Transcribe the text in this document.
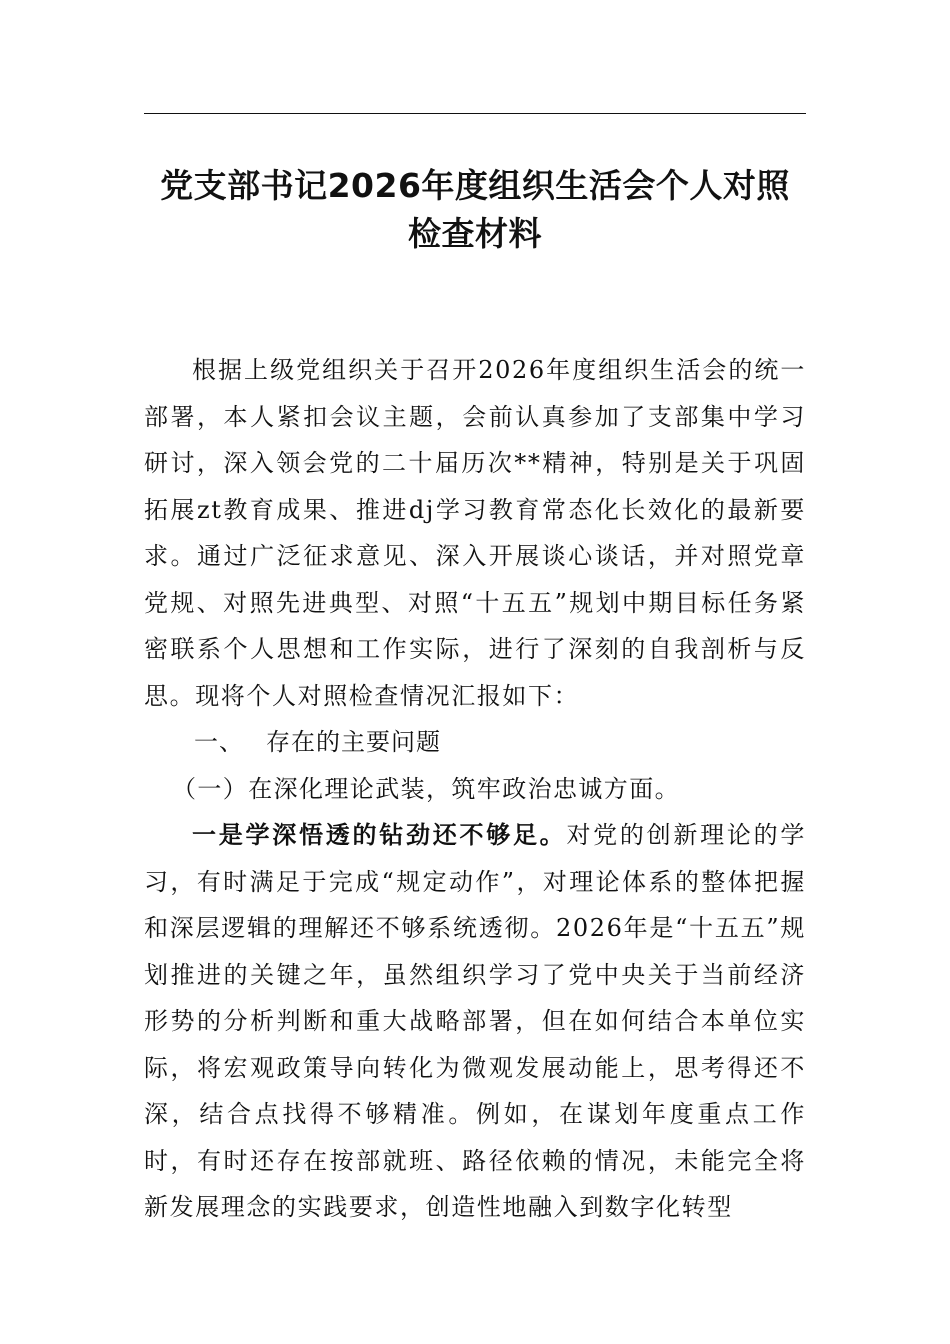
党支部书记2026年度组织生活会个人对照
检查材料

根据上级党组织关于召开2026年度组织生活会的统一部署，本人紧扣会议主题，会前认真参加了支部集中学习研讨，深入领会党的二十届历次**精神，特别是关于巩固拓展zt教育成果、推进dj学习教育常态化长效化的最新要求。通过广泛征求意见、深入开展谈心谈话，并对照党章党规、对照先进典型、对照“十五五”规划中期目标任务紧密联系个人思想和工作实际，进行了深刻的自我剖析与反思。现将个人对照检查情况汇报如下：

一、 存在的主要问题

（一）在深化理论武装，筑牢政治忠诚方面。

一是学深悟透的钻劲还不够足。对党的创新理论的学习，有时满足于完成“规定动作”，对理论体系的整体把握和深层逻辑的理解还不够系统透彻。2026年是“十五五”规划推进的关键之年，虽然组织学习了党中央关于当前经济形势的分析判断和重大战略部署，但在如何结合本单位实际，将宏观政策导向转化为微观发展动能上，思考得还不深，结合点找得不够精准。例如，在谋划年度重点工作时，有时还存在按部就班、路径依赖的情况，未能完全将新发展理念的实践要求，创造性地融入到数字化转型
